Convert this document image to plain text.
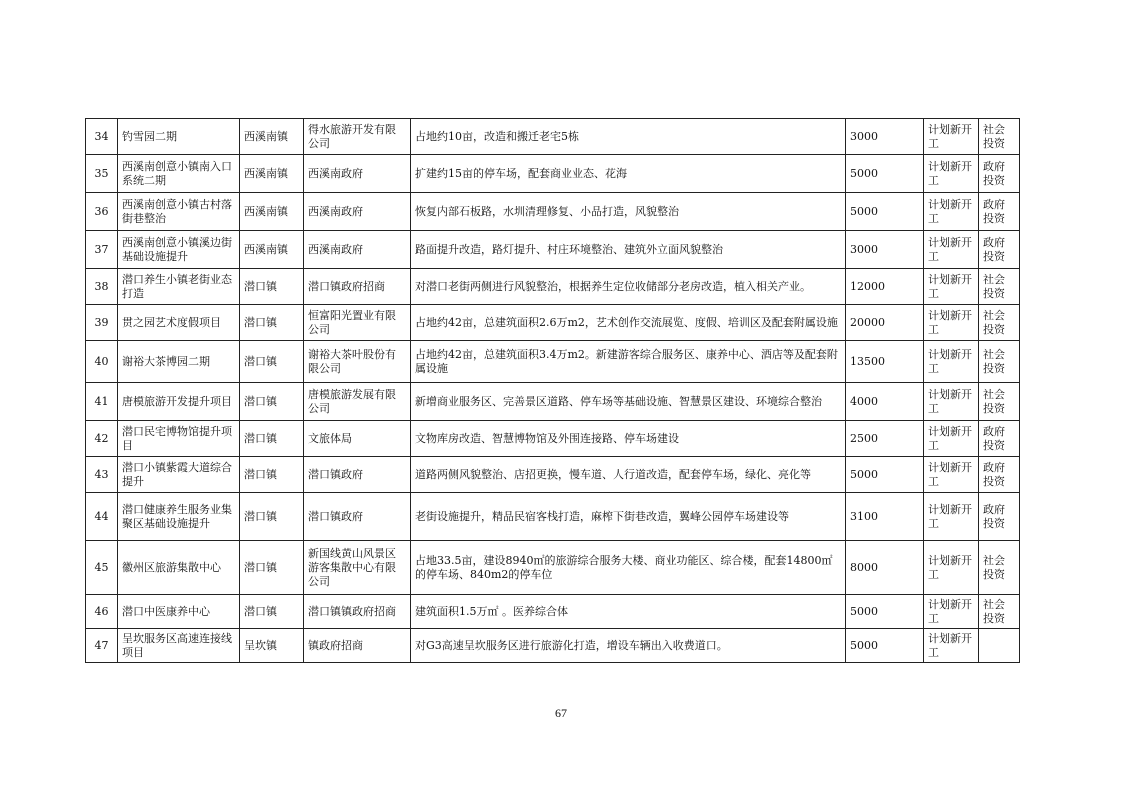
34	钓雪园二期	西溪南镇	得水旅游开发有限公司	占地约10亩，改造和搬迁老宅5栋	3000	计划新开工	社会投资
35	西溪南创意小镇南入口系统二期	西溪南镇	西溪南政府	扩建约15亩的停车场，配套商业业态、花海	5000	计划新开工	政府投资
36	西溪南创意小镇古村落街巷整治	西溪南镇	西溪南政府	恢复内部石板路，水圳清理修复、小品打造，风貌整治	5000	计划新开工	政府投资
37	西溪南创意小镇溪边街基础设施提升	西溪南镇	西溪南政府	路面提升改造，路灯提升、村庄环境整治、建筑外立面风貌整治	3000	计划新开工	政府投资
38	潜口养生小镇老街业态打造	潜口镇	潜口镇政府招商	对潜口老街两侧进行风貌整治，根据养生定位收储部分老房改造，植入相关产业。	12000	计划新开工	社会投资
39	贯之园艺术度假项目	潜口镇	恒富阳光置业有限公司	占地约42亩，总建筑面积2.6万m2，艺术创作交流展览、度假、培训区及配套附属设施	20000	计划新开工	社会投资
40	谢裕大茶博园二期	潜口镇	谢裕大茶叶股份有限公司	占地约42亩，总建筑面积3.4万m2。新建游客综合服务区、康养中心、酒店等及配套附属设施	13500	计划新开工	社会投资
41	唐模旅游开发提升项目	潜口镇	唐模旅游发展有限公司	新增商业服务区、完善景区道路、停车场等基础设施、智慧景区建设、环境综合整治	4000	计划新开工	社会投资
42	潜口民宅博物馆提升项目	潜口镇	文旅体局	文物库房改造、智慧博物馆及外围连接路、停车场建设	2500	计划新开工	政府投资
43	潜口小镇紫霞大道综合提升	潜口镇	潜口镇政府	道路两侧风貌整治、店招更换，慢车道、人行道改造，配套停车场，绿化、亮化等	5000	计划新开工	政府投资
44	潜口健康养生服务业集聚区基础设施提升	潜口镇	潜口镇政府	老街设施提升，精品民宿客栈打造，麻榨下街巷改造，翼峰公园停车场建设等	3100	计划新开工	政府投资
45	徽州区旅游集散中心	潜口镇	新国线黄山风景区游客集散中心有限公司	占地33.5亩，建设8940㎡的旅游综合服务大楼、商业功能区、综合楼，配套14800㎡的停车场、840m2的停车位	8000	计划新开工	社会投资
46	潜口中医康养中心	潜口镇	潜口镇镇政府招商	建筑面积1.5万㎡ 。医养综合体	5000	计划新开工	社会投资
47	呈坎服务区高速连接线项目	呈坎镇	镇政府招商	对G3高速呈坎服务区进行旅游化打造，增设车辆出入收费道口。	5000	计划新开工	
67
